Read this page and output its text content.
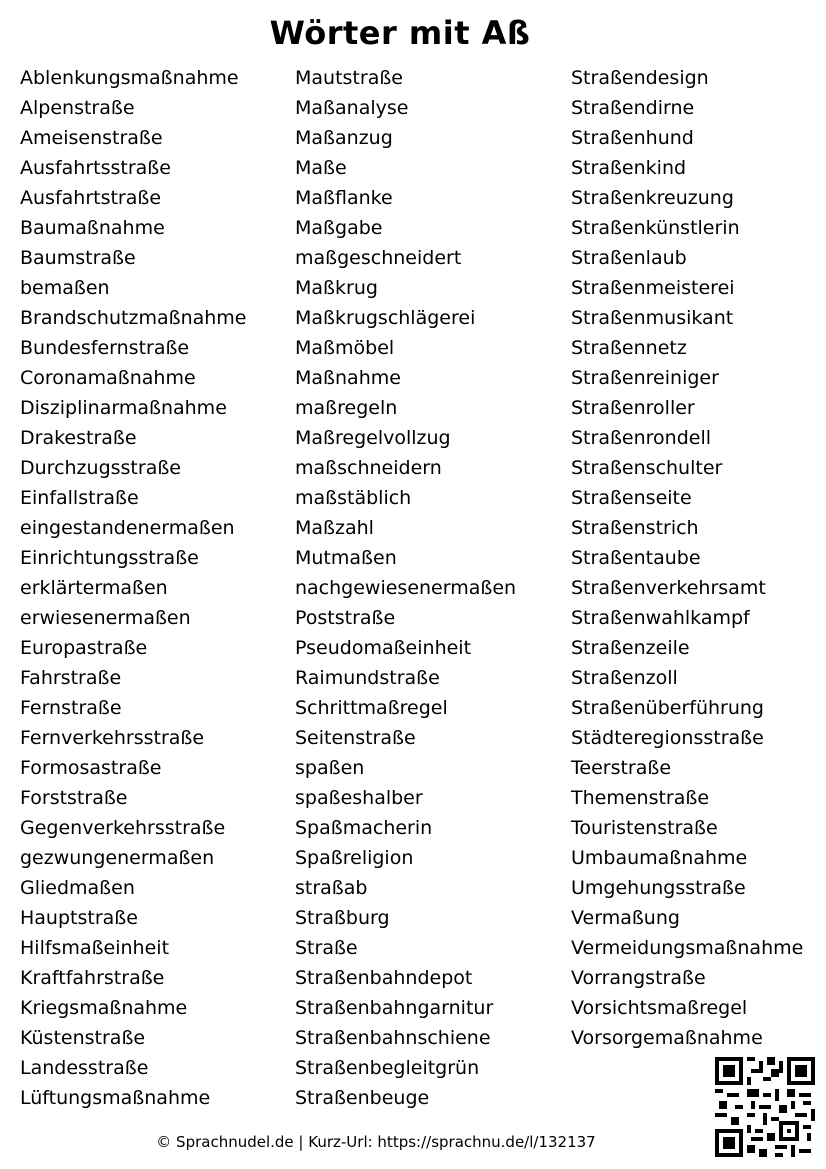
Wörter mit Aß
Ablenkungsmaßnahme
Alpenstraße
Ameisenstraße
Ausfahrtsstraße
Ausfahrtstraße
Baumaßnahme
Baumstraße
bemaßen
Brandschutzmaßnahme
Bundesfernstraße
Coronamaßnahme
Disziplinarmaßnahme
Drakestraße
Durchzugsstraße
Einfallstraße
eingestandenermaßen
Einrichtungsstraße
erklärtermaßen
erwiesenermaßen
Europastraße
Fahrstraße
Fernstraße
Fernverkehrsstraße
Formosastraße
Forststraße
Gegenverkehrsstraße
gezwungenermaßen
Gliedmaßen
Hauptstraße
Hilfsmaßeinheit
Kraftfahrstraße
Kriegsmaßnahme
Küstenstraße
Landesstraße
Lüftungsmaßnahme
Mautstraße
Maßanalyse
Maßanzug
Maße
Maßflanke
Maßgabe
maßgeschneidert
Maßkrug
Maßkrugschlägerei
Maßmöbel
Maßnahme
maßregeln
Maßregelvollzug
maßschneidern
maßstäblich
Maßzahl
Mutmaßen
nachgewiesenermaßen
Poststraße
Pseudomaßeinheit
Raimundstraße
Schrittmaßregel
Seitenstraße
spaßen
spaßeshalber
Spaßmacherin
Spaßreligion
straßab
Straßburg
Straße
Straßenbahndepot
Straßenbahngarnitur
Straßenbahnschiene
Straßenbegleitgrün
Straßenbeuge
Straßendesign
Straßendirne
Straßenhund
Straßenkind
Straßenkreuzung
Straßenkünstlerin
Straßenlaub
Straßenmeisterei
Straßenmusikant
Straßennetz
Straßenreiniger
Straßenroller
Straßenrondell
Straßenschulter
Straßenseite
Straßenstrich
Straßentaube
Straßenverkehrsamt
Straßenwahlkampf
Straßenzeile
Straßenzoll
Straßenüberführung
Städteregionsstraße
Teerstraße
Themenstraße
Touristenstraße
Umbaumaßnahme
Umgehungsstraße
Vermaßung
Vermeidungsmaßnahme
Vorrangstraße
Vorsichtsmaßregel
Vorsorgemaßnahme
© Sprachnudel.de | Kurz-Url: https://sprachnu.de/l/132137
